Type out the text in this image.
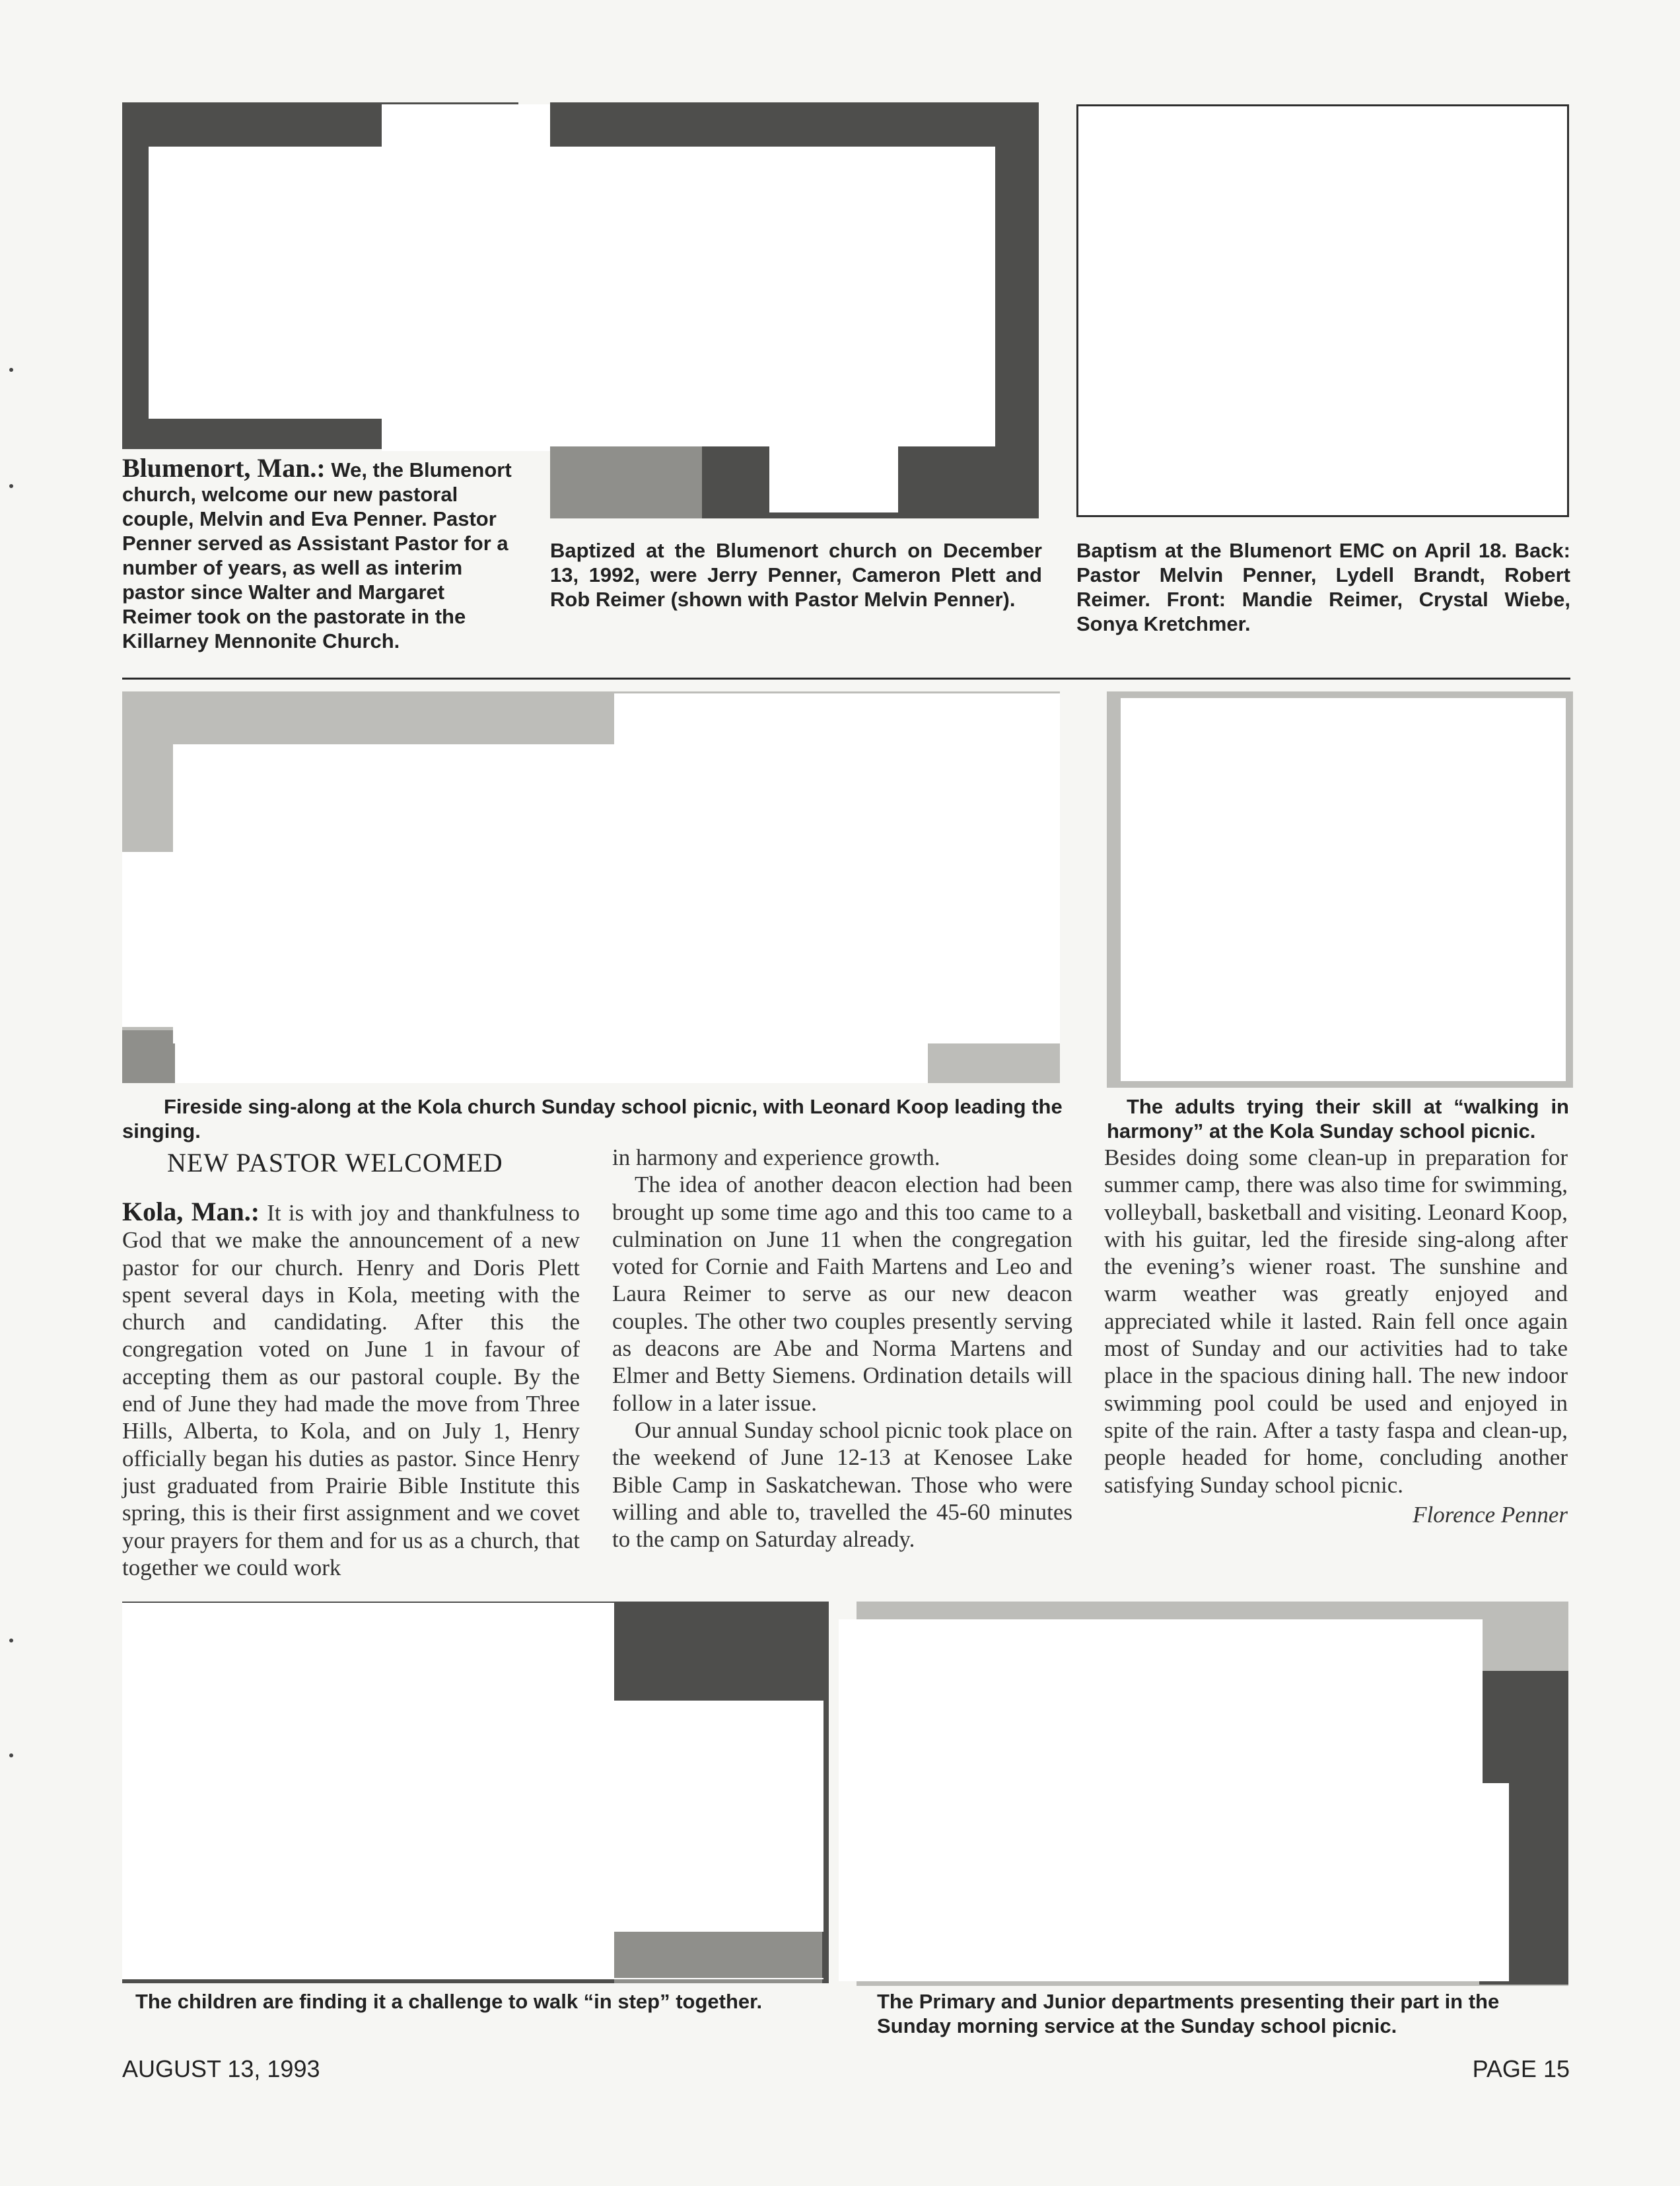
Blumenort, Man.: We, the Blumenort church, welcome our new pastoral couple, Melvin and Eva Penner. Pastor Penner served as Assistant Pastor for a number of years, as well as interim pastor since Walter and Margaret Reimer took on the pastorate in the Killarney Mennonite Church.
Baptized at the Blumenort church on December 13, 1992, were Jerry Penner, Cameron Plett and Rob Reimer (shown with Pastor Melvin Penner).
Baptism at the Blumenort EMC on April 18. Back: Pastor Melvin Penner, Lydell Brandt, Robert Reimer. Front: Mandie Reimer, Crystal Wiebe, Sonya Kretchmer.
Fireside sing-along at the Kola church Sunday school picnic, with Leonard Koop leading the singing.
The adults trying their skill at “walking in harmony” at the Kola Sunday school picnic.
NEW PASTOR WELCOMED

Kola, Man.: It is with joy and thankfulness to God that we make the announcement of a new pastor for our church. Henry and Doris Plett spent several days in Kola, meeting with the church and candidating. After this the congregation voted on June 1 in favour of accepting them as our pastoral couple. By the end of June they had made the move from Three Hills, Alberta, to Kola, and on July 1, Henry officially began his duties as pastor. Since Henry just graduated from Prairie Bible Institute this spring, this is their first assignment and we covet your prayers for them and for us as a church, that together we could work

in harmony and experience growth.

The idea of another deacon election had been brought up some time ago and this too came to a culmination on June 11 when the congregation voted for Cornie and Faith Martens and Leo and Laura Reimer to serve as our new deacon couples. The other two couples presently serving as deacons are Abe and Norma Martens and Elmer and Betty Siemens. Ordination details will follow in a later issue.

Our annual Sunday school picnic took place on the weekend of June 12-13 at Kenosee Lake Bible Camp in Saskatchewan. Those who were willing and able to, travelled the 45-60 minutes to the camp on Saturday already.

Besides doing some clean-up in preparation for summer camp, there was also time for swimming, volleyball, basketball and visiting. Leonard Koop, with his guitar, led the fireside sing-along after the evening’s wiener roast. The sunshine and warm weather was greatly enjoyed and appreciated while it lasted. Rain fell once again most of Sunday and our activities had to take place in the spacious dining hall. The new indoor swimming pool could be used and enjoyed in spite of the rain. After a tasty faspa and clean-up, people headed for home, concluding another satisfying Sunday school picnic.

Florence Penner

The children are finding it a challenge to walk “in step” together.	The Primary and Junior departments presenting their part in the Sunday morning service at the Sunday school picnic.
AUGUST 13, 1993	PAGE 15
